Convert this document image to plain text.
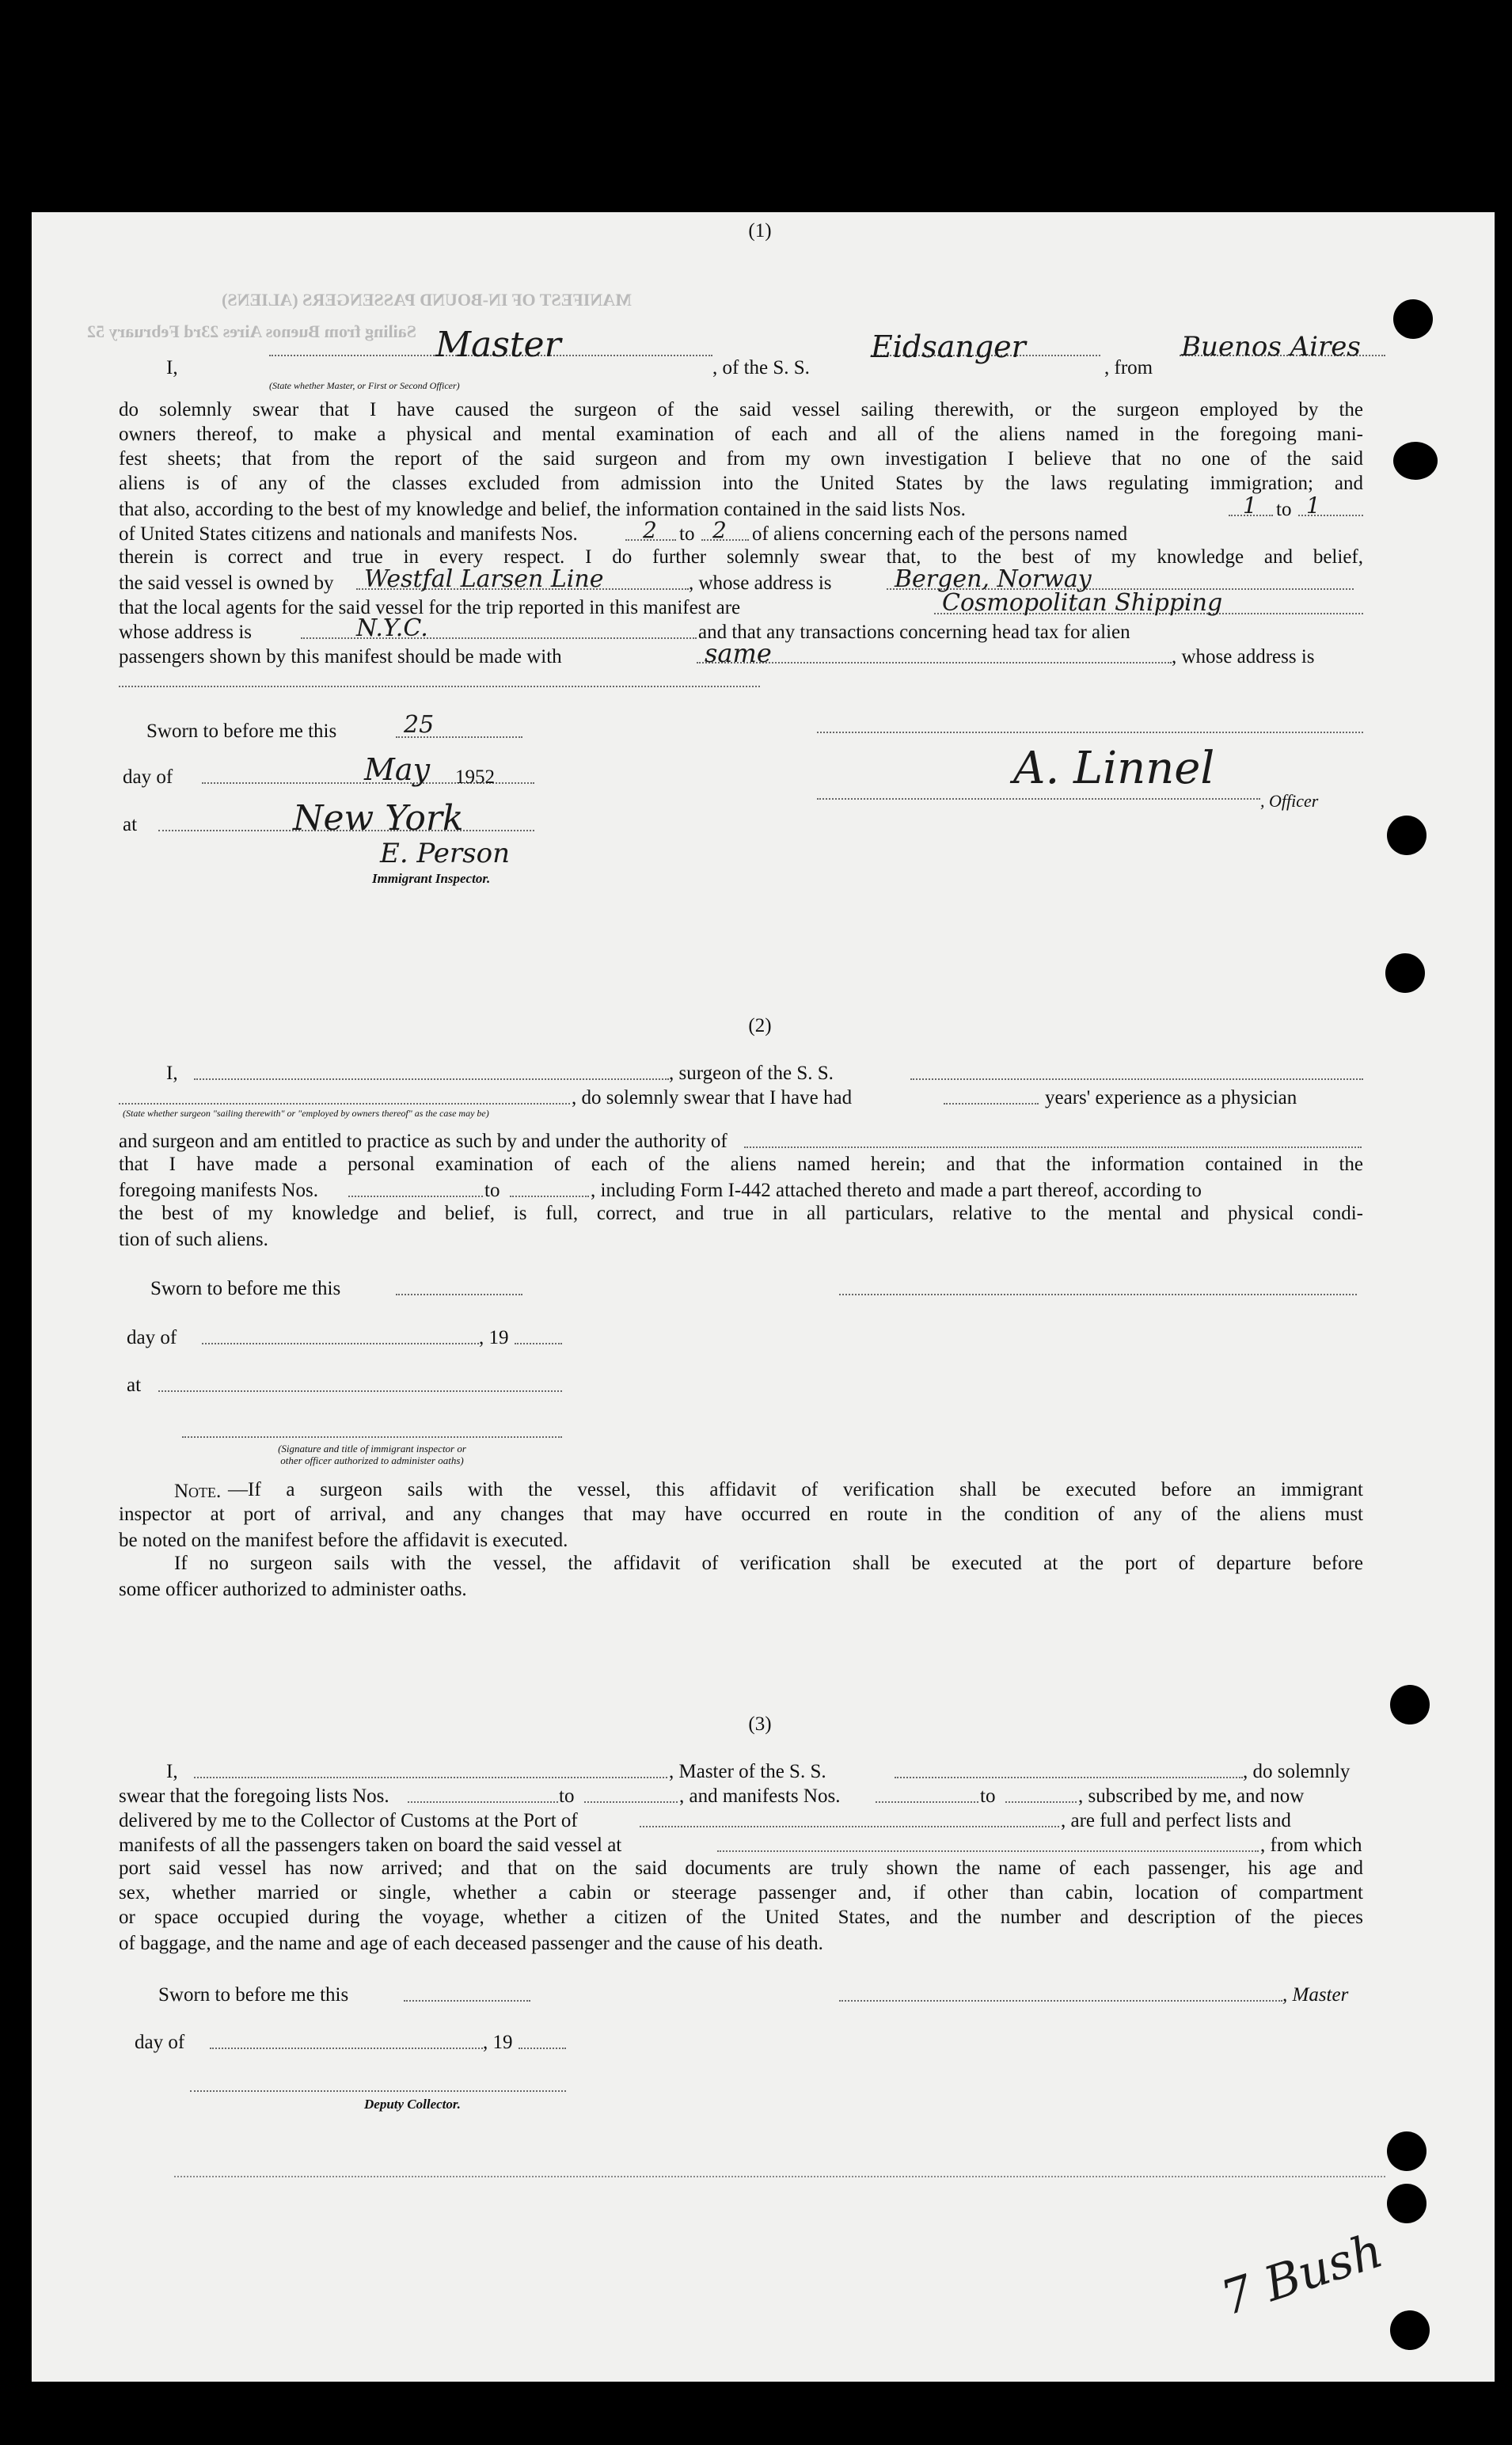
MANIFEST OF IN-BOUND PASSENGERS (ALIENS)
Sailing from Buenos Aires 23rd February 52
(1)
I,
Master
(State whether Master, or First or Second Officer)
, of the S. S.
Eidsanger
, from
Buenos Aires
do solemnly swear that I have caused the surgeon of the said vessel sailing therewith, or the surgeon employed by the
owners thereof, to make a physical and mental examination of each and all of the aliens named in the foregoing mani-
fest sheets; that from the report of the said surgeon and from my own investigation I believe that no one of the said
aliens is of any of the classes excluded from admission into the United States by the laws regulating immigration; and
that also, according to the best of my knowledge and belief, the information contained in the said lists Nos.	1 to 1
of United States citizens and nationals and manifests Nos.	2 to 2 of aliens concerning each of the persons named
therein is correct and true in every respect. I do further solemnly swear that, to the best of my knowledge and belief,
the said vessel is owned by Westfal Larsen Line	, whose address is	Bergen, Norway
that the local agents for the said vessel for the trip reported in this manifest are	Cosmopolitan Shipping
whose address is	N.Y.C.	and that any transactions concerning head tax for alien
passengers shown by this manifest should be made with	same	, whose address is
Sworn to before me this	25
day of	May 1952	A. Linnel
, Officer
at	New York
E. Person
Immigrant Inspector.
(2)
I,	, surgeon of the S. S.
, do solemnly swear that I have had	years' experience as a physician
(State whether surgeon "sailing therewith" or "employed by owners thereof" as the case may be)
and surgeon and am entitled to practice as such by and under the authority of
that I have made a personal examination of each of the aliens named herein; and that the information contained in the
foregoing manifests Nos.	to	, including Form I-442 attached thereto and made a part thereof, according to
the best of my knowledge and belief, is full, correct, and true in all particulars, relative to the mental and physical condi-
tion of such aliens.
Sworn to before me this
day of	, 19
at
(Signature and title of immigrant inspector or
other officer authorized to administer oaths)
Note. —If a surgeon sails with the vessel, this affidavit of verification shall be executed before an immigrant
inspector at port of arrival, and any changes that may have occurred en route in the condition of any of the aliens must
be noted on the manifest before the affidavit is executed.
If no surgeon sails with the vessel, the affidavit of verification shall be executed at the port of departure before
some officer authorized to administer oaths.
(3)
I,	, Master of the S. S.	, do solemnly
swear that the foregoing lists Nos.	to	, and manifests Nos.	to	, subscribed by me, and now
delivered by me to the Collector of Customs at the Port of	, are full and perfect lists and
manifests of all the passengers taken on board the said vessel at	, from which
port said vessel has now arrived; and that on the said documents are truly shown the name of each passenger, his age and
sex, whether married or single, whether a cabin or steerage passenger and, if other than cabin, location of compartment
or space occupied during the voyage, whether a citizen of the United States, and the number and description of the pieces
of baggage, and the name and age of each deceased passenger and the cause of his death.
Sworn to before me this	, Master
day of	, 19
Deputy Collector.
7 Bush
